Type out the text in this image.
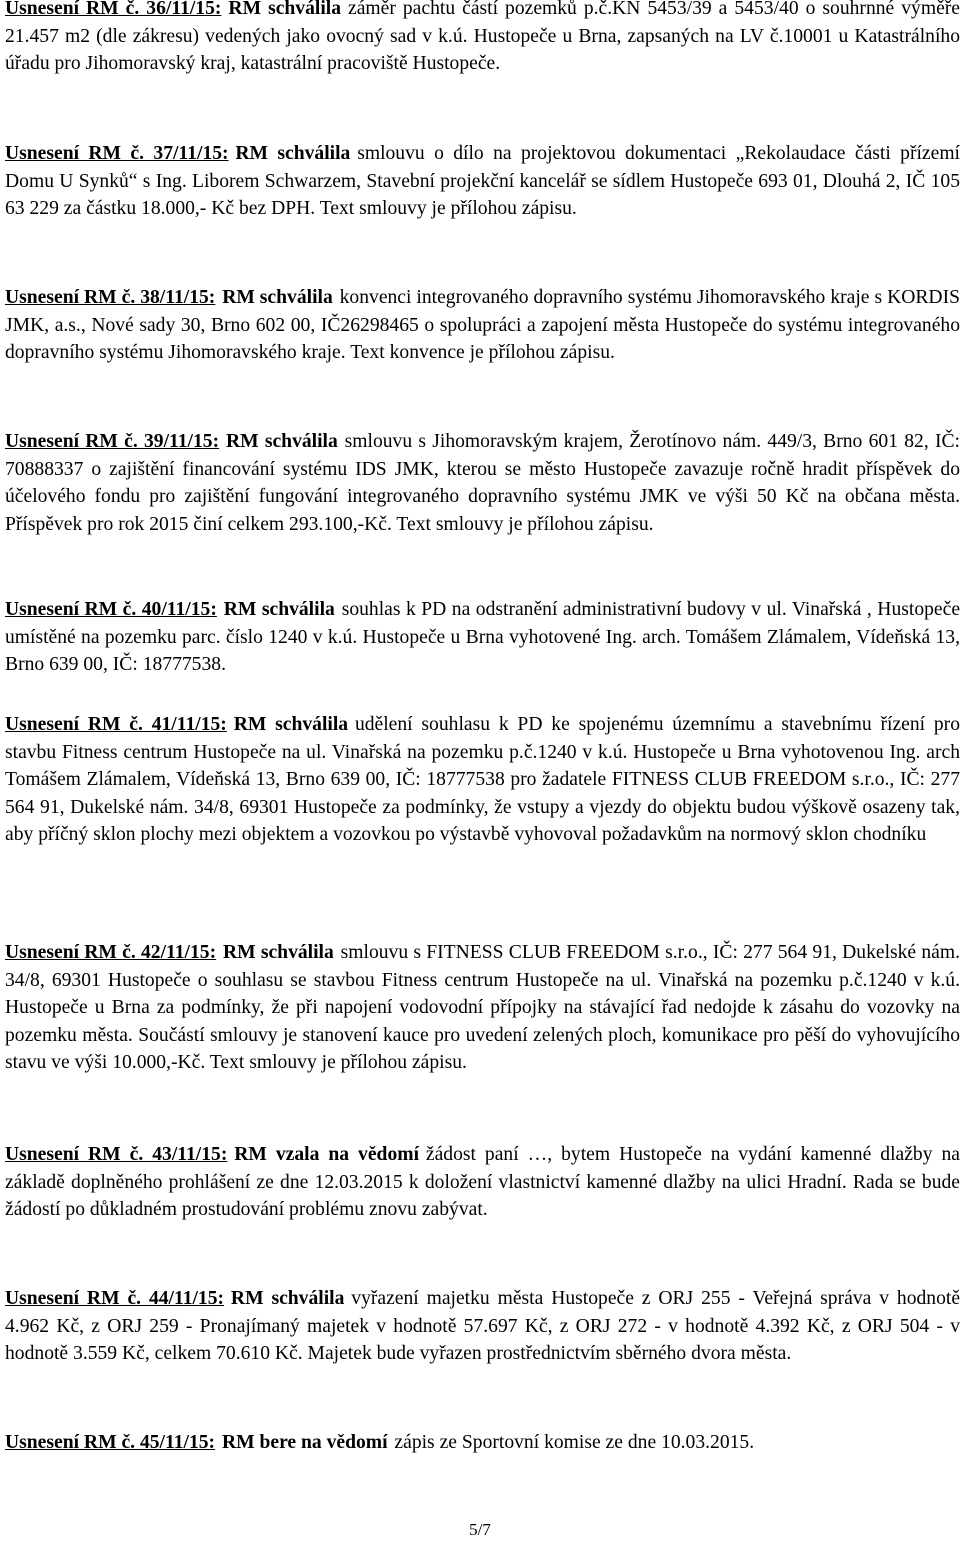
Usnesení RM č. 36/11/15: RM schválila záměr pachtu částí pozemků p.č.KN 5453/39 a 5453/40 o souhrnné výměře 21.457 m2 (dle zákresu) vedených jako ovocný sad v k.ú. Hustopeče u Brna, zapsaných na LV č.10001 u Katastrálního úřadu pro Jihomoravský kraj, katastrální pracoviště Hustopeče.

Usnesení RM č. 37/11/15: RM schválila smlouvu o dílo na projektovou dokumentaci „Rekolaudace části přízemí Domu U Synků“ s Ing. Liborem Schwarzem, Stavební projekční kancelář se sídlem Hustopeče 693 01, Dlouhá 2, IČ 105 63 229 za částku 18.000,- Kč bez DPH. Text smlouvy je přílohou zápisu.

Usnesení RM č. 38/11/15: RM schválila konvenci integrovaného dopravního systému Jihomoravského kraje s KORDIS JMK, a.s., Nové sady 30, Brno 602 00, IČ26298465 o spolupráci a zapojení města Hustopeče do systému integrovaného dopravního systému Jihomoravského kraje. Text konvence je přílohou zápisu.

Usnesení RM č. 39/11/15: RM schválila smlouvu s Jihomoravským krajem, Žerotínovo nám. 449/3, Brno 601 82, IČ: 70888337 o zajištění financování systému IDS JMK, kterou se město Hustopeče zavazuje ročně hradit příspěvek do účelového fondu pro zajištění fungování integrovaného dopravního systému JMK ve výši 50 Kč na občana města. Příspěvek pro rok 2015 činí celkem 293.100,-Kč. Text smlouvy je přílohou zápisu.

Usnesení RM č. 40/11/15: RM schválila souhlas k PD na odstranění administrativní budovy v ul. Vinařská , Hustopeče umístěné na pozemku parc. číslo 1240 v k.ú. Hustopeče u Brna vyhotovené Ing. arch. Tomášem Zlámalem, Vídeňská 13, Brno 639 00, IČ: 18777538.

Usnesení RM č. 41/11/15: RM schválila udělení souhlasu k PD ke spojenému územnímu a stavebnímu řízení pro stavbu Fitness centrum Hustopeče na ul. Vinařská na pozemku p.č.1240 v k.ú. Hustopeče u Brna vyhotovenou Ing. arch Tomášem Zlámalem, Vídeňská 13, Brno 639 00, IČ: 18777538 pro žadatele FITNESS CLUB FREEDOM s.r.o., IČ: 277 564 91, Dukelské nám. 34/8, 69301 Hustopeče za podmínky, že vstupy a vjezdy do objektu budou výškově osazeny tak, aby příčný sklon plochy mezi objektem a vozovkou po výstavbě vyhovoval požadavkům na normový sklon chodníku

Usnesení RM č. 42/11/15: RM schválila smlouvu s FITNESS CLUB FREEDOM s.r.o., IČ: 277 564 91, Dukelské nám. 34/8, 69301 Hustopeče o souhlasu se stavbou Fitness centrum Hustopeče na ul. Vinařská na pozemku p.č.1240 v k.ú. Hustopeče u Brna za podmínky, že při napojení vodovodní přípojky na stávající řad nedojde k zásahu do vozovky na pozemku města. Součástí smlouvy je stanovení kauce pro uvedení zelených ploch, komunikace pro pěší do vyhovujícího stavu ve výši 10.000,-Kč. Text smlouvy je přílohou zápisu.

Usnesení RM č. 43/11/15: RM vzala na vědomí žádost paní …, bytem Hustopeče na vydání kamenné dlažby na základě doplněného prohlášení ze dne 12.03.2015 k doložení vlastnictví kamenné dlažby na ulici Hradní. Rada se bude žádostí po důkladném prostudování problému znovu zabývat.

Usnesení RM č. 44/11/15: RM schválila vyřazení majetku města Hustopeče z ORJ 255 - Veřejná správa v hodnotě 4.962 Kč, z ORJ 259 - Pronajímaný majetek v hodnotě 57.697 Kč, z ORJ 272 - v hodnotě 4.392 Kč, z ORJ 504 - v hodnotě 3.559 Kč, celkem 70.610 Kč. Majetek bude vyřazen prostřednictvím sběrného dvora města.

Usnesení RM č. 45/11/15: RM bere na vědomí zápis ze Sportovní komise ze dne 10.03.2015.

5/7
